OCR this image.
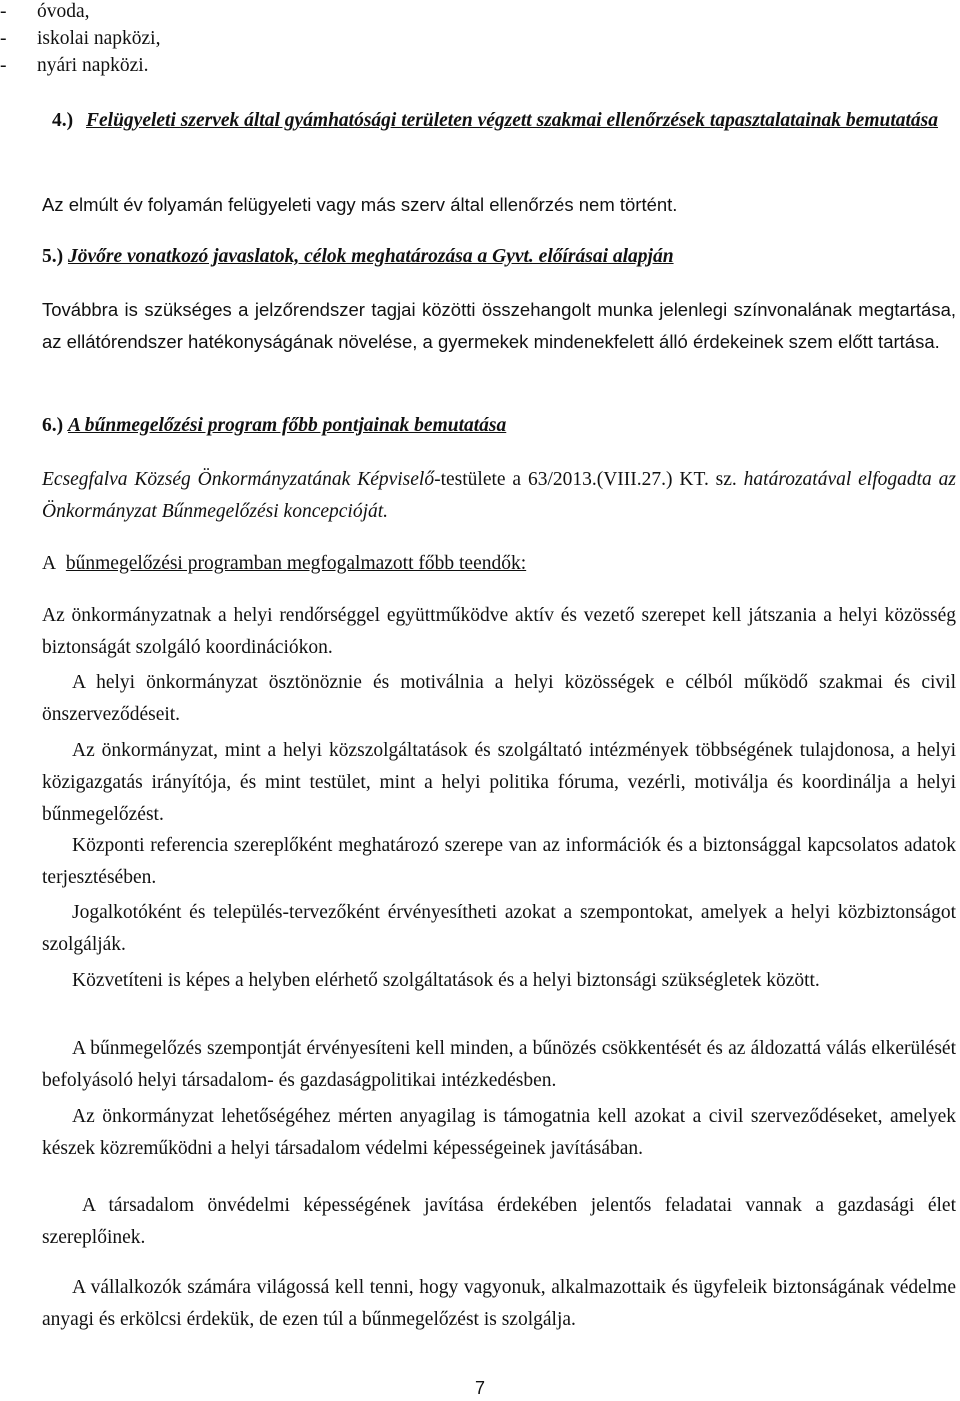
- óvoda,
- iskolai napközi,
- nyári napközi.
4.) Felügyeleti szervek által gyámhatósági területen végzett szakmai ellenőrzések tapasztalatainak bemutatása
Az elmúlt év folyamán felügyeleti vagy más szerv által ellenőrzés nem történt.
5.) Jövőre vonatkozó javaslatok, célok meghatározása a Gyvt. előírásai alapján
Továbbra is szükséges a jelzőrendszer tagjai közötti összehangolt munka jelenlegi színvonalának megtartása, az ellátórendszer hatékonyságának növelése, a gyermekek mindenekfelett álló érdekeinek szem előtt tartása.
6.) A bűnmegelőzési program főbb pontjainak bemutatása
Ecsegfalva Község Önkormányzatának Képviselő-testülete a 63/2013.(VIII.27.) KT. sz. határozatával elfogadta az Önkormányzat Bűnmegelőzési koncepcióját.
A bűnmegelőzési programban megfogalmazott főbb teendők:
Az önkormányzatnak a helyi rendőrséggel együttműködve aktív és vezető szerepet kell játszania a helyi közösség biztonságát szolgáló koordinációkon.
A helyi önkormányzat ösztönöznie és motiválnia a helyi közösségek e célból működő szakmai és civil önszerveződéseit.
Az önkormányzat, mint a helyi közszolgáltatások és szolgáltató intézmények többségének tulajdonosa, a helyi közigazgatás irányítója, és mint testület, mint a helyi politika fóruma, vezérli, motiválja és koordinálja a helyi bűnmegelőzést.
Központi referencia szereplőként meghatározó szerepe van az információk és a biztonsággal kapcsolatos adatok terjesztésében.
Jogalkotóként és település-tervezőként érvényesítheti azokat a szempontokat, amelyek a helyi közbiztonságot szolgálják.
Közvetíteni is képes a helyben elérhető szolgáltatások és a helyi biztonsági szükségletek között.
A bűnmegelőzés szempontját érvényesíteni kell minden, a bűnözés csökkentését és az áldozattá válás elkerülését befolyásoló helyi társadalom- és gazdaságpolitikai intézkedésben.
Az önkormányzat lehetőségéhez mérten anyagilag is támogatnia kell azokat a civil szerveződéseket, amelyek készek közreműködni a helyi társadalom védelmi képességeinek javításában.
A társadalom önvédelmi képességének javítása érdekében jelentős feladatai vannak a gazdasági élet szereplőinek.
A vállalkozók számára világossá kell tenni, hogy vagyonuk, alkalmazottaik és ügyfeleik biztonságának védelme anyagi és erkölcsi érdekük, de ezen túl a bűnmegelőzést is szolgálja.
7
